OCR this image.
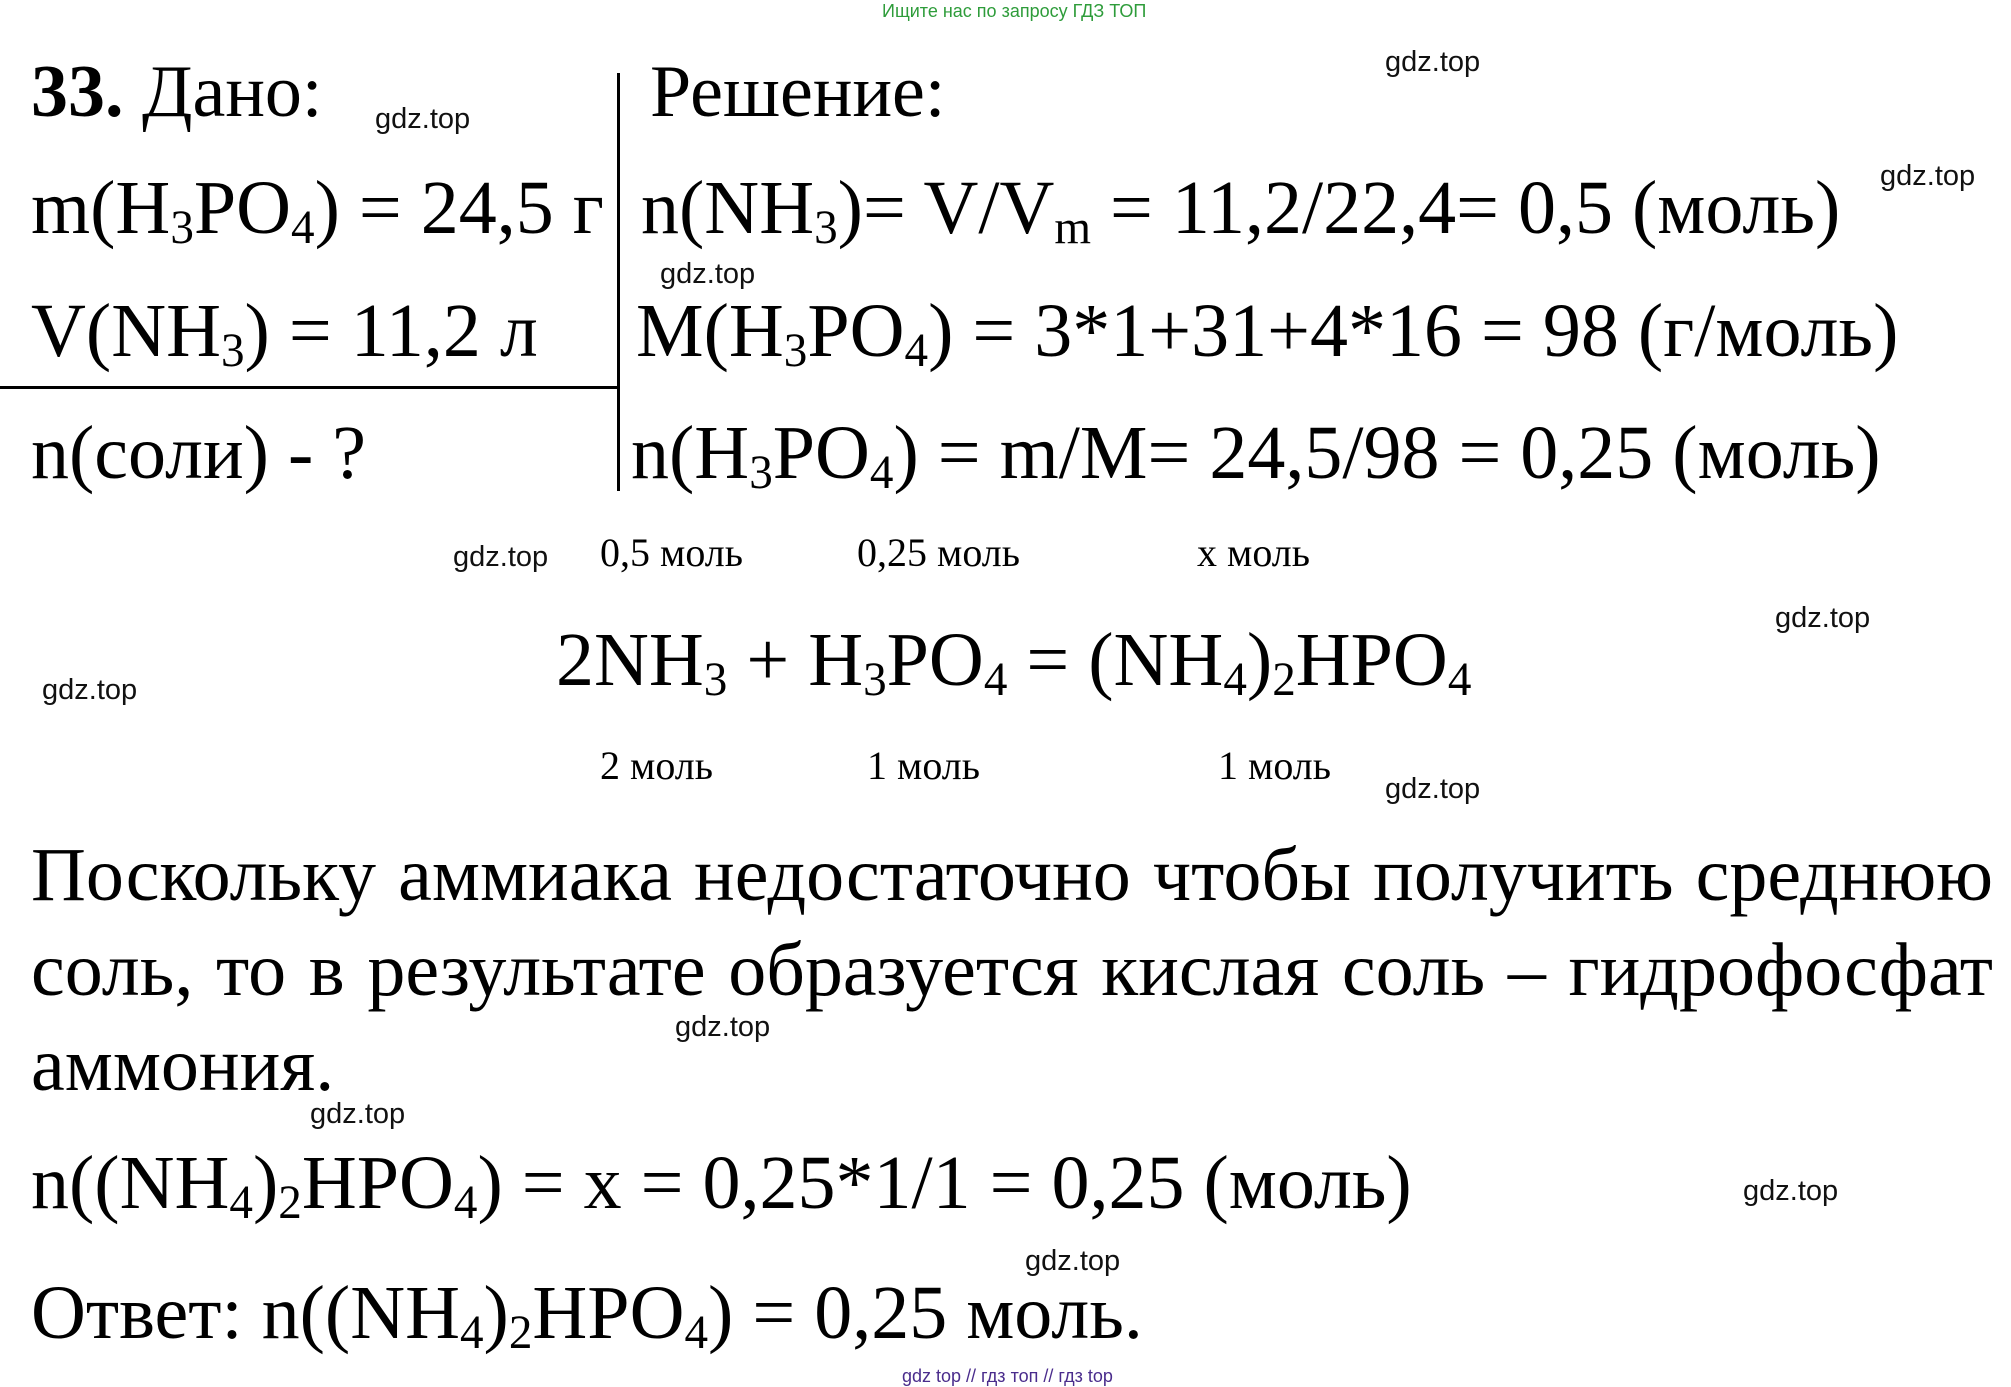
Ищите нас по запросу ГДЗ ТОП
33. Дано:	Решение:
m(H3PO4) = 24,5 г
V(NH3) = 11,2 л
n(соли) - ?
n(NH3)= V/Vm = 11,2/22,4= 0,5 (моль)
M(H3PO4) = 3*1+31+4*16 = 98 (г/моль)
n(H3PO4) = m/M= 24,5/98 = 0,25 (моль)
0,5 моль	0,25 моль	х моль
2NH3 + H3PO4 = (NH4)2HPO4
2 моль	1 моль	1 моль
Поскольку аммиака недостаточно чтобы получить среднюю
соль, то в результате образуется кислая соль – гидрофосфат
аммония.
n((NH4)2HPO4) = х = 0,25*1/1 = 0,25 (моль)
Ответ: n((NH4)2HPO4) = 0,25 моль.
gdz.top
gdz.top
gdz.top
gdz.top
gdz.top
gdz.top
gdz.top
gdz.top
gdz.top
gdz.top
gdz.top
gdz.top
gdz top // гдз топ // гдз top
